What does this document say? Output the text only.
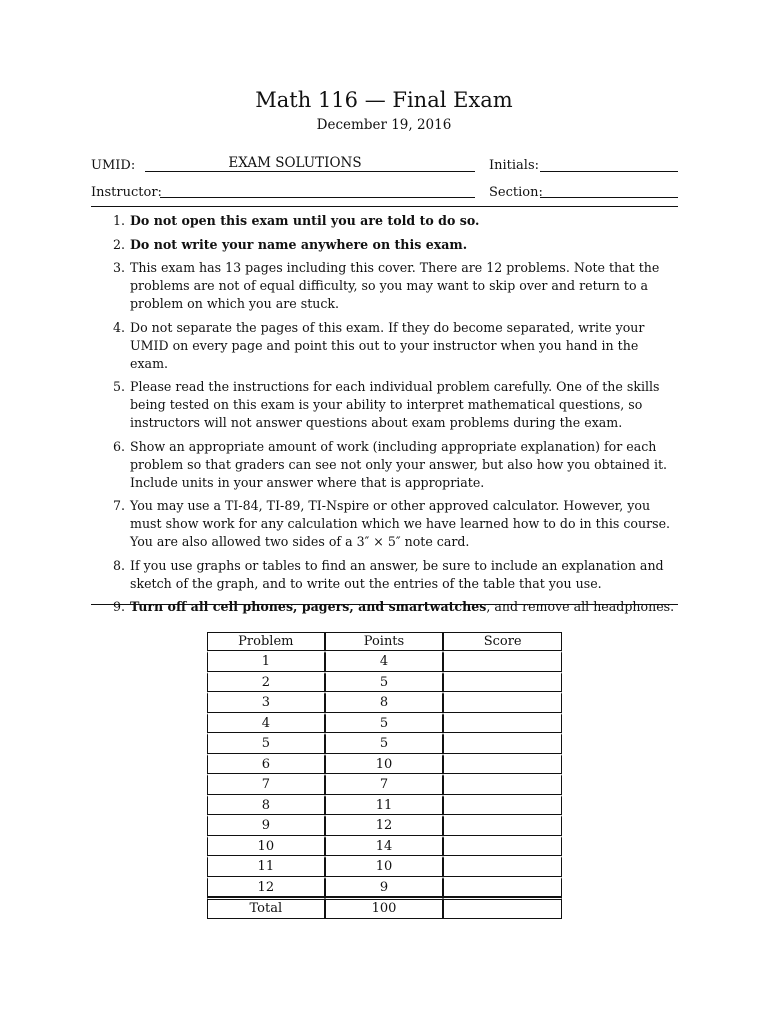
Math 116 — Final Exam
December 19, 2016
UMID:	EXAM SOLUTIONS	Initials:
Instructor:	Section:
1. Do not open this exam until you are told to do so.
2. Do not write your name anywhere on this exam.
3. This exam has 13 pages including this cover. There are 12 problems. Note that the problems are not of equal difficulty, so you may want to skip over and return to a problem on which you are stuck.
4. Do not separate the pages of this exam. If they do become separated, write your UMID on every page and point this out to your instructor when you hand in the exam.
5. Please read the instructions for each individual problem carefully. One of the skills being tested on this exam is your ability to interpret mathematical questions, so instructors will not answer questions about exam problems during the exam.
6. Show an appropriate amount of work (including appropriate explanation) for each problem so that graders can see not only your answer, but also how you obtained it. Include units in your answer where that is appropriate.
7. You may use a TI-84, TI-89, TI-Nspire or other approved calculator. However, you must show work for any calculation which we have learned how to do in this course. You are also allowed two sides of a 3″ × 5″ note card.
8. If you use graphs or tables to find an answer, be sure to include an explanation and sketch of the graph, and to write out the entries of the table that you use.
9. Turn off all cell phones, pagers, and smartwatches, and remove all headphones.
Problem	Points	Score
1	4	
2	5	
3	8	
4	5	
5	5	
6	10	
7	7	
8	11	
9	12	
10	14	
11	10	
12	9	
Total	100	
